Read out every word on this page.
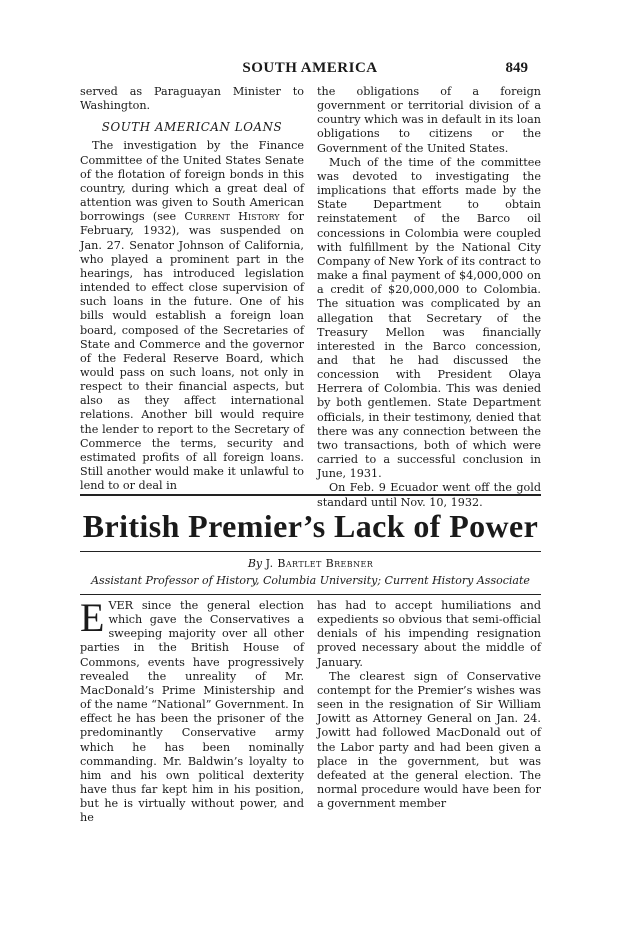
SOUTH AMERICA	849

served as Paraguayan Minister to Washington.

SOUTH AMERICAN LOANS

The investigation by the Finance Committee of the United States Senate of the flotation of foreign bonds in this country, during which a great deal of attention was given to South American borrowings (see Current History for February, 1932), was suspended on Jan. 27. Senator Johnson of California, who played a prominent part in the hearings, has introduced legislation intended to effect close supervision of such loans in the future. One of his bills would establish a foreign loan board, composed of the Secretaries of State and Commerce and the governor of the Federal Reserve Board, which would pass on such loans, not only in respect to their financial aspects, but also as they affect international relations. Another bill would require the lender to report to the Secretary of Commerce the terms, security and estimated profits of all foreign loans. Still another would make it unlawful to lend to or deal in

the obligations of a foreign government or territorial division of a country which was in default in its loan obligations to citizens or the Government of the United States.

Much of the time of the committee was devoted to investigating the implications that efforts made by the State Department to obtain reinstatement of the Barco oil concessions in Colombia were coupled with fulfillment by the National City Company of New York of its contract to make a final payment of $4,000,000 on a credit of $20,000,000 to Colombia. The situation was complicated by an allegation that Secretary of the Treasury Mellon was financially interested in the Barco concession, and that he had discussed the concession with President Olaya Herrera of Colombia. This was denied by both gentlemen. State Department officials, in their testimony, denied that there was any connection between the two transactions, both of which were carried to a successful conclusion in June, 1931.

On Feb. 9 Ecuador went off the gold standard until Nov. 10, 1932.

British Premier’s Lack of Power
By J. Bartlet Brebner
Assistant Professor of History, Columbia University; Current History Associate

EVER since the general election which gave the Conservatives a sweeping majority over all other parties in the British House of Commons, events have progressively revealed the unreality of Mr. MacDonald’s Prime Ministership and of the name “National” Government. In effect he has been the prisoner of the predominantly Conservative army which he has been nominally commanding. Mr. Baldwin’s loyalty to him and his own political dexterity have thus far kept him in his position, but he is virtually without power, and he

has had to accept humiliations and expedients so obvious that semi-official denials of his impending resignation proved necessary about the middle of January.

The clearest sign of Conservative contempt for the Premier’s wishes was seen in the resignation of Sir William Jowitt as Attorney General on Jan. 24. Jowitt had followed MacDonald out of the Labor party and had been given a place in the government, but was defeated at the general election. The normal procedure would have been for a government member
